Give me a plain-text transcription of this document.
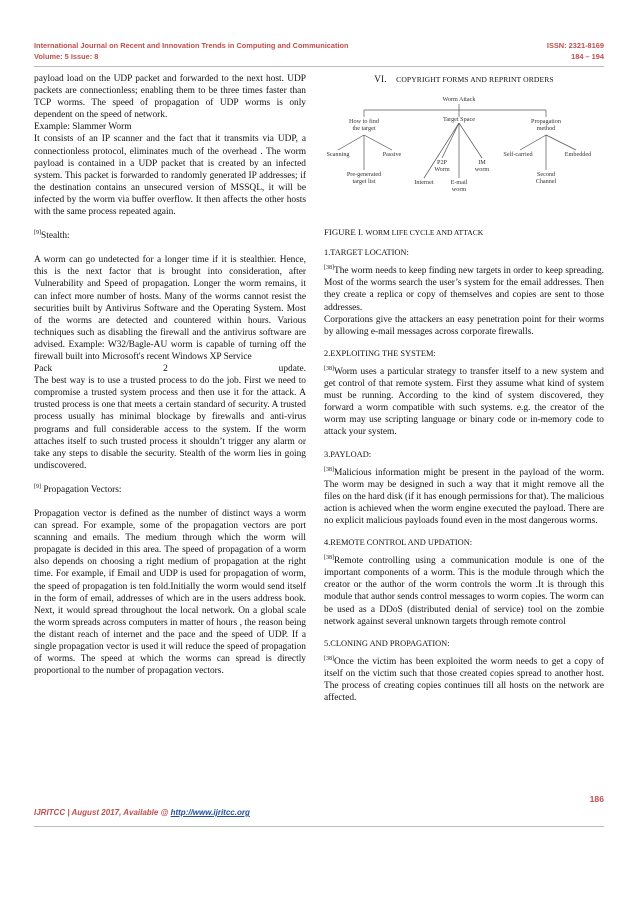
International Journal on Recent and Innovation Trends in Computing and Communication
Volume: 5 Issue: 8
ISSN: 2321-8169
184 – 194

payload load on the UDP packet and forwarded to the next host. UDP packets are connectionless; enabling them to be three times faster than TCP worms. The speed of propagation of UDP worms is only dependent on the speed of network.

Example: Slammer Worm

It consists of an IP scanner and the fact that it transmits via UDP, a connectionless protocol, eliminates much of the overhead . The worm payload is contained in a UDP packet that is created by an infected system. This packet is forwarded to randomly generated IP addresses; if the destination contains an unsecured version of MSSQL, it will be infected by the worm via buffer overflow. It then affects the other hosts with the same process repeated again.

[9]Stealth:

A worm can go undetected for a longer time if it is stealthier. Hence, this is the next factor that is brought into consideration, after Vulnerability and Speed of propagation. Longer the worm remains, it can infect more number of hosts. Many of the worms cannot resist the securities built by Antivirus Software and the Operating System. Most of the worms are detected and countered within hours. Various techniques such as disabling the firewall and the antivirus software are advised. Example: W32/Bagle-AU worm is capable of turning off the firewall built into Microsoft's recent Windows XP Service

Pack	2	update.

The best way is to use a trusted process to do the job. First we need to compromise a trusted system process and then use it for the attack. A trusted process is one that meets a certain standard of security. A trusted process usually has minimal blockage by firewalls and anti-virus programs and full considerable access to the system. If the worm attaches itself to such trusted process it shouldn’t trigger any alarm or take any steps to disable the security. Stealth of the worm lies in going undiscovered.

[9] Propagation Vectors:

Propagation vector is defined as the number of distinct ways a worm can spread. For example, some of the propagation vectors are port scanning and emails. The medium through which the worm will propagate is decided in this area. The speed of propagation of a worm also depends on choosing a right medium of propagation at the right time. For example, if Email and UDP is used for propagation of worm, the speed of propagation is ten fold.Initially the worm would send itself in the form of email, addresses of which are in the users address book. Next, it would spread throughout the local network. On a global scale the worm spreads across computers in matter of hours , the reason being the distant reach of internet and the pace and the speed of UDP. If a single propagation vector is used it will reduce the speed of propagation of worms. The speed at which the worms can spread is directly proportional to the number of propagation vectors.

VI. COPYRIGHT FORMS AND REPRINT ORDERS
Worm Attack
How to find
the target
Target Space	Propagation
method
Scanning	Passive
Pre-generated
target list
P2P
Worm
IM
worm
Internet	E-mail
worm
Self-carried	Embedded
Second
Channel
FIGURE I. WORM LIFE CYCLE AND ATTACK
1.TARGET LOCATION:

[38]The worm needs to keep finding new targets in order to keep spreading. Most of the worms search the user’s system for the email addresses. Then they create a replica or copy of themselves and copies are sent to those addresses.

Corporations give the attackers an easy penetration point for their worms by allowing e-mail messages across corporate firewalls.

2.EXPLOITING THE SYSTEM:

[38]Worm uses a particular strategy to transfer itself to a new system and get control of that remote system. First they assume what kind of system must be running. According to the kind of system discovered, they forward a worm compatible with such systems. e.g. the creator of the worm may use scripting language or binary code or in-memory code to attack your system.

3.PAYLOAD:

[38]Malicious information might be present in the payload of the worm. The worm may be designed in such a way that it might remove all the files on the hard disk (if it has enough permissions for that). The malicious action is achieved when the worm engine executed the payload. There are no explicit malicious payloads found even in the most dangerous worms.

4.REMOTE CONTROL AND UPDATION:

[38]Remote controlling using a communication module is one of the important components of a worm. This is the module through which the creator or the author of the worm controls the worm .It is through this module that author sends control messages to worm copies. The worm can be used as a DDoS (distributed denial of service) tool on the zombie network against several unknown targets through remote control

5.CLONING AND PROPAGATION:

[38]Once the victim has been exploited the worm needs to get a copy of itself on the victim such that those created copies spread to another host. The process of creating copies continues till all hosts on the network are affected.

186
IJRITCC | August 2017, Available @ http://www.ijritcc.org
